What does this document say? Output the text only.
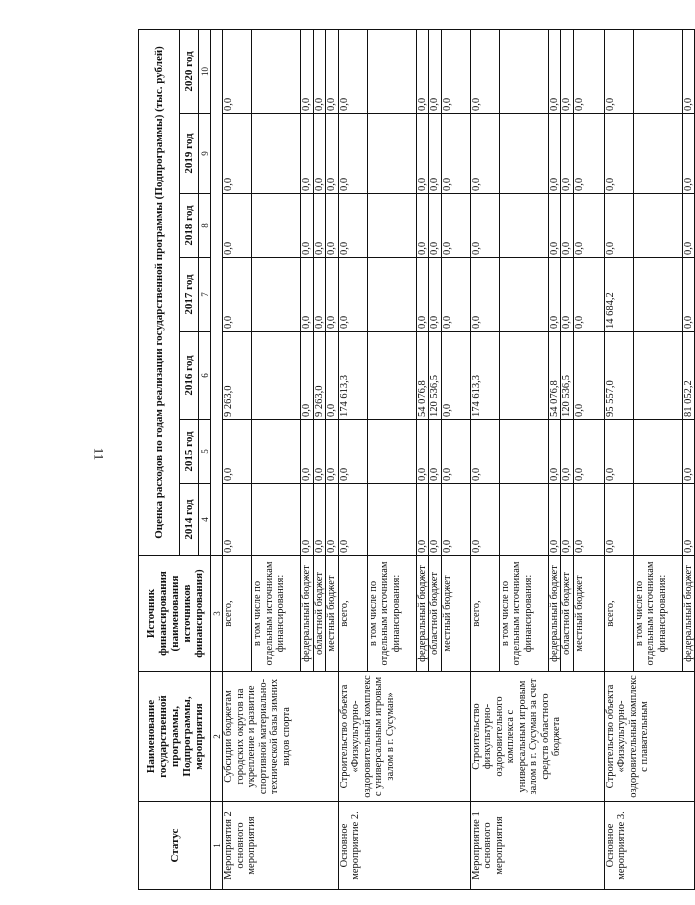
11
Статус	Наименование государственной программы, Подпрограммы, мероприятия	Источник финансирования (наименования источников финансирования)	Оценка расходов по годам реализации государственной программы (Подпрограммы) (тыс. рублей)						
			2014 год	2015 год	2016 год	2017 год	2018 год	2019 год	2020 год
			4	5	6	7	8	9	10
1	2	3							
Мероприятия 2 основного мероприятия	Субсидии бюджетам городских округов на укрепление и развитие спортивной материально-технической базы зимних видов спорта	всего,	0,0	0,0	9 263,0	0,0	0,0	0,0	0,0
		в том числе по отдельным источникам финансирования:							
		федеральный бюджет	0,0	0,0	0,0	0,0	0,0	0,0	0,0
		областной бюджет	0,0	0,0	9 263,0	0,0	0,0	0,0	0,0
		местный бюджет	0,0	0,0	0,0	0,0	0,0	0,0	0,0
Основное мероприятие 2.	Строительство объекта «Физкультурно-оздоровительный комплекс с универсальным игровым залом в г. Сусуман»	всего,	0,0	0,0	174 613,3	0,0	0,0	0,0	0,0
		в том числе по отдельным источникам финансирования:							
		федеральный бюджет	0,0	0,0	54 076,8	0,0	0,0	0,0	0,0
		областной бюджет	0,0	0,0	120 536,5	0,0	0,0	0,0	0,0
		местный бюджет	0,0	0,0	0,0	0,0	0,0	0,0	0,0
Мероприятие 1 основного мероприятия	Строительство физкультурно-оздоровительного комплекса с универсальным игровым залом в г. Сусуман за счет средств областного бюджета	всего,	0,0	0,0	174 613,3	0,0	0,0	0,0	0,0
		в том числе по отдельным источникам финансирования:							
		федеральный бюджет	0,0	0,0	54 076,8	0,0	0,0	0,0	0,0
		областной бюджет	0,0	0,0	120 536,5	0,0	0,0	0,0	0,0
		местный бюджет	0,0	0,0	0,0	0,0	0,0	0,0	0,0
Основное мероприятие 3.	Строительство объекта «Физкультурно-оздоровительный комплекс с плавательным	всего,	0,0	0,0	95 557,0	14 684,2	0,0	0,0	0,0
		в том числе по отдельным источникам финансирования:							
		федеральный бюджет	0,0	0,0	81 052,2	0,0	0,0	0,0	0,0
